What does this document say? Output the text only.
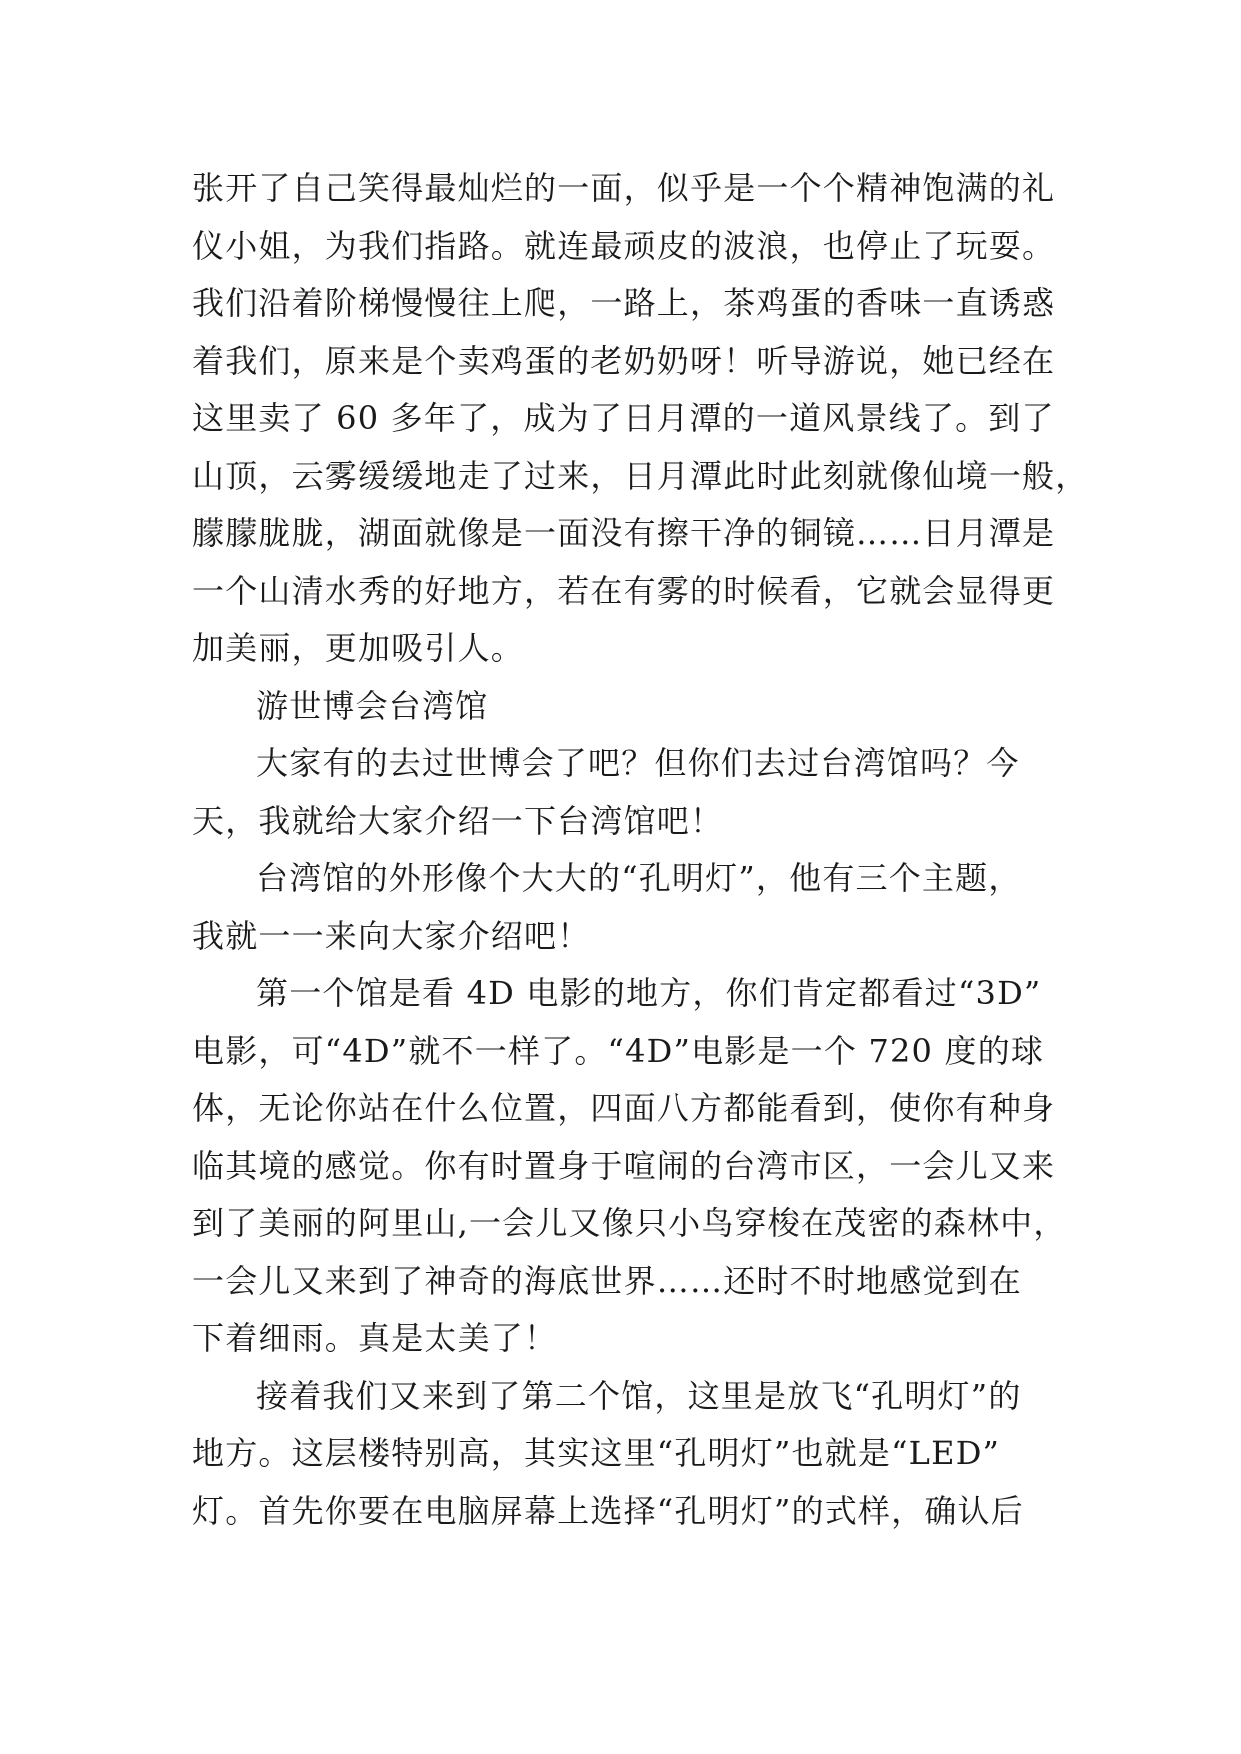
张开了自己笑得最灿烂的一面，似乎是一个个精神饱满的礼
仪小姐，为我们指路。就连最顽皮的波浪，也停止了玩耍。
我们沿着阶梯慢慢往上爬，一路上，茶鸡蛋的香味一直诱惑
着我们，原来是个卖鸡蛋的老奶奶呀！听导游说，她已经在
这里卖了 60 多年了，成为了日月潭的一道风景线了。到了
山顶，云雾缓缓地走了过来，日月潭此时此刻就像仙境一般，
朦朦胧胧，湖面就像是一面没有擦干净的铜镜……日月潭是
一个山清水秀的好地方，若在有雾的时候看，它就会显得更
加美丽，更加吸引人。
游世博会台湾馆
大家有的去过世博会了吧？但你们去过台湾馆吗？今
天，我就给大家介绍一下台湾馆吧！
台湾馆的外形像个大大的“孔明灯”，他有三个主题，
我就一一来向大家介绍吧！
第一个馆是看 4D 电影的地方，你们肯定都看过“3D”
电影，可“4D”就不一样了。“4D”电影是一个 720 度的球
体，无论你站在什么位置，四面八方都能看到，使你有种身
临其境的感觉。你有时置身于喧闹的台湾市区，一会儿又来
到了美丽的阿里山,一会儿又像只小鸟穿梭在茂密的森林中，
一会儿又来到了神奇的海底世界……还时不时地感觉到在
下着细雨。真是太美了！
接着我们又来到了第二个馆，这里是放飞“孔明灯”的
地方。这层楼特别高，其实这里“孔明灯”也就是“LED”
灯。首先你要在电脑屏幕上选择“孔明灯”的式样，确认后
